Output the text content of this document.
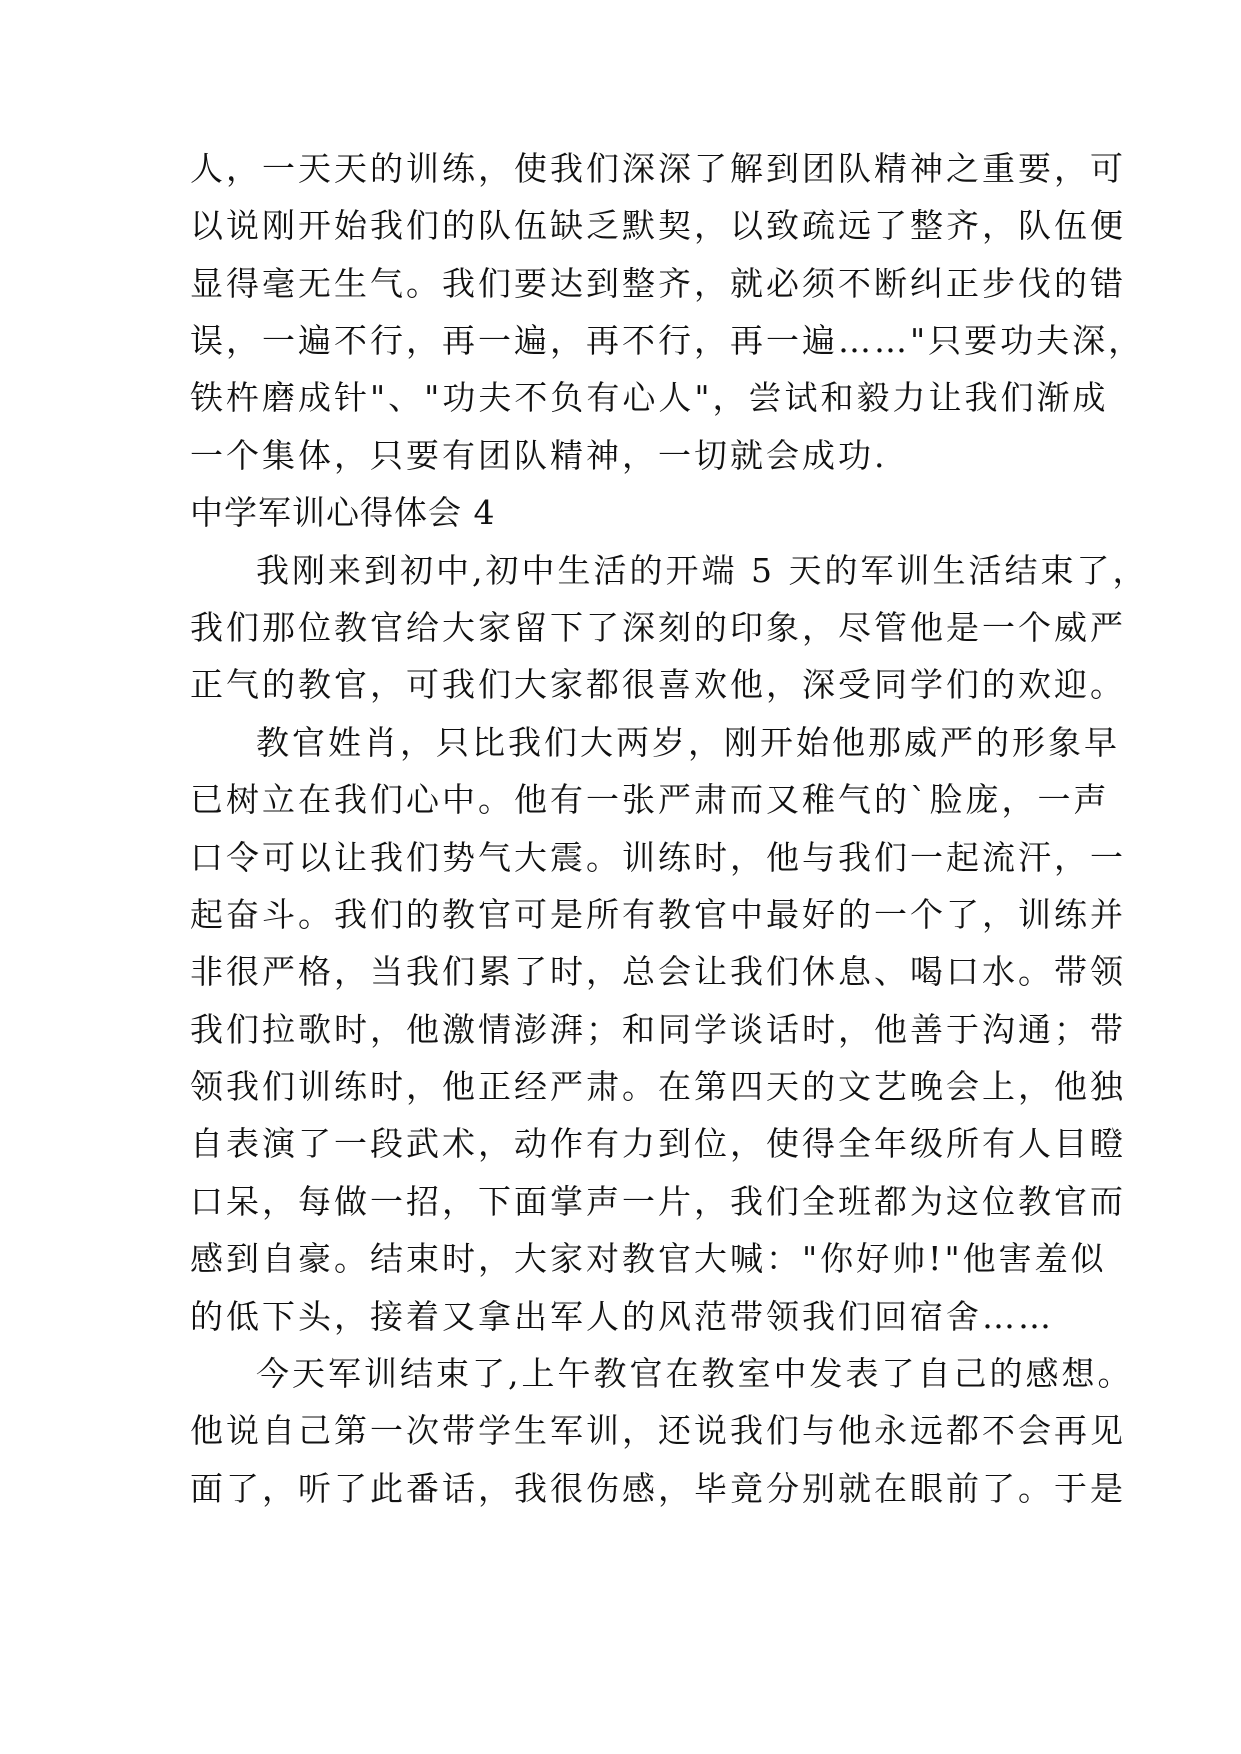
人，一天天的训练，使我们深深了解到团队精神之重要，可
以说刚开始我们的队伍缺乏默契，以致疏远了整齐，队伍便
显得毫无生气。我们要达到整齐，就必须不断纠正步伐的错
误，一遍不行，再一遍，再不行，再一遍……"只要功夫深，
铁杵磨成针"、"功夫不负有心人"，尝试和毅力让我们渐成
一个集体，只要有团队精神，一切就会成功.
中学军训心得体会 4
我刚来到初中,初中生活的开端 5 天的军训生活结束了，
我们那位教官给大家留下了深刻的印象，尽管他是一个威严
正气的教官，可我们大家都很喜欢他，深受同学们的欢迎。
教官姓肖，只比我们大两岁，刚开始他那威严的形象早
已树立在我们心中。他有一张严肃而又稚气的`脸庞，一声
口令可以让我们势气大震。训练时，他与我们一起流汗，一
起奋斗。我们的教官可是所有教官中最好的一个了，训练并
非很严格，当我们累了时，总会让我们休息、喝口水。带领
我们拉歌时，他激情澎湃；和同学谈话时，他善于沟通；带
领我们训练时，他正经严肃。在第四天的文艺晚会上，他独
自表演了一段武术，动作有力到位，使得全年级所有人目瞪
口呆，每做一招，下面掌声一片，我们全班都为这位教官而
感到自豪。结束时，大家对教官大喊："你好帅!"他害羞似
的低下头，接着又拿出军人的风范带领我们回宿舍……
今天军训结束了,上午教官在教室中发表了自己的感想。
他说自己第一次带学生军训，还说我们与他永远都不会再见
面了，听了此番话，我很伤感，毕竟分别就在眼前了。于是
